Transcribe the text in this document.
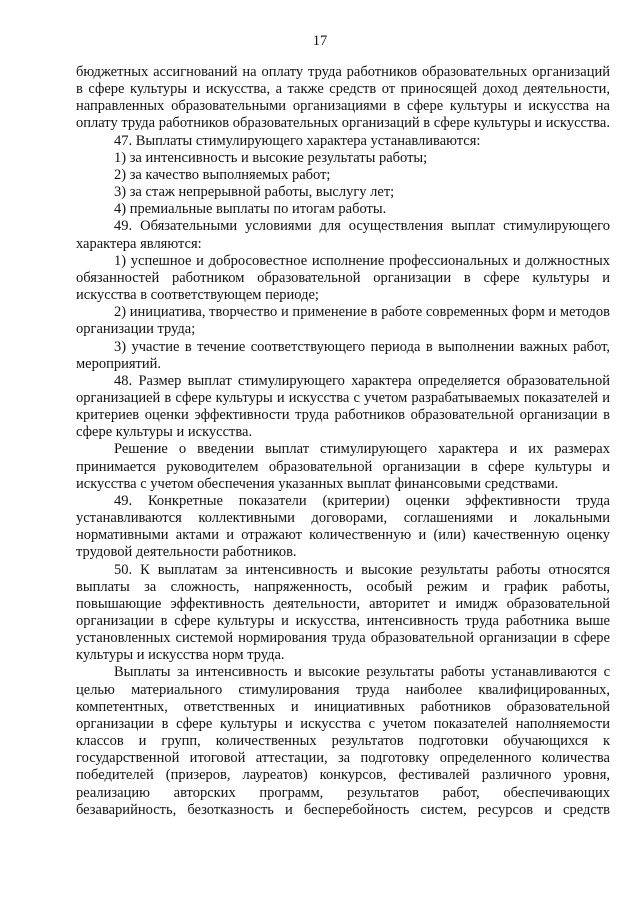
17

бюджетных ассигнований на оплату труда работников образовательных организаций в сфере культуры и искусства, а также средств от приносящей доход деятельности, направленных образовательными организациями в сфере культуры и искусства на оплату труда работников образовательных организаций в сфере культуры и искусства.

47. Выплаты стимулирующего характера устанавливаются:

1) за интенсивность и высокие результаты работы;

2) за качество выполняемых работ;

3) за стаж непрерывной работы, выслугу лет;

4) премиальные выплаты по итогам работы.

49. Обязательными условиями для осуществления выплат стимулирующего характера являются:

1) успешное и добросовестное исполнение профессиональных и должностных обязанностей работником образовательной организации в сфере культуры и искусства в соответствующем периоде;

2) инициатива, творчество и применение в работе современных форм и методов организации труда;

3) участие в течение соответствующего периода в выполнении важных работ, мероприятий.

48. Размер выплат стимулирующего характера определяется образовательной организацией в сфере культуры и искусства с учетом разрабатываемых показателей и критериев оценки эффективности труда работников образовательной организации в сфере культуры и искусства.

Решение о введении выплат стимулирующего характера и их размерах принимается руководителем образовательной организации в сфере культуры и искусства с учетом обеспечения указанных выплат финансовыми средствами.

49. Конкретные показатели (критерии) оценки эффективности труда устанавливаются коллективными договорами, соглашениями и локальными нормативными актами и отражают количественную и (или) качественную оценку трудовой деятельности работников.

50. К выплатам за интенсивность и высокие результаты работы относятся выплаты за сложность, напряженность, особый режим и график работы, повышающие эффективность деятельности, авторитет и имидж образовательной организации в сфере культуры и искусства, интенсивность труда работника выше установленных системой нормирования труда образовательной организации в сфере культуры и искусства норм труда.

Выплаты за интенсивность и высокие результаты работы устанавливаются с целью материального стимулирования труда наиболее квалифицированных, компетентных, ответственных и инициативных работников образовательной организации в сфере культуры и искусства с учетом показателей наполняемости классов и групп, количественных результатов подготовки обучающихся к государственной итоговой аттестации, за подготовку определенного количества победителей (призеров, лауреатов) конкурсов, фестивалей различного уровня, реализацию авторских программ, результатов работ, обеспечивающих безаварийность, безотказность и бесперебойность систем, ресурсов и средств
